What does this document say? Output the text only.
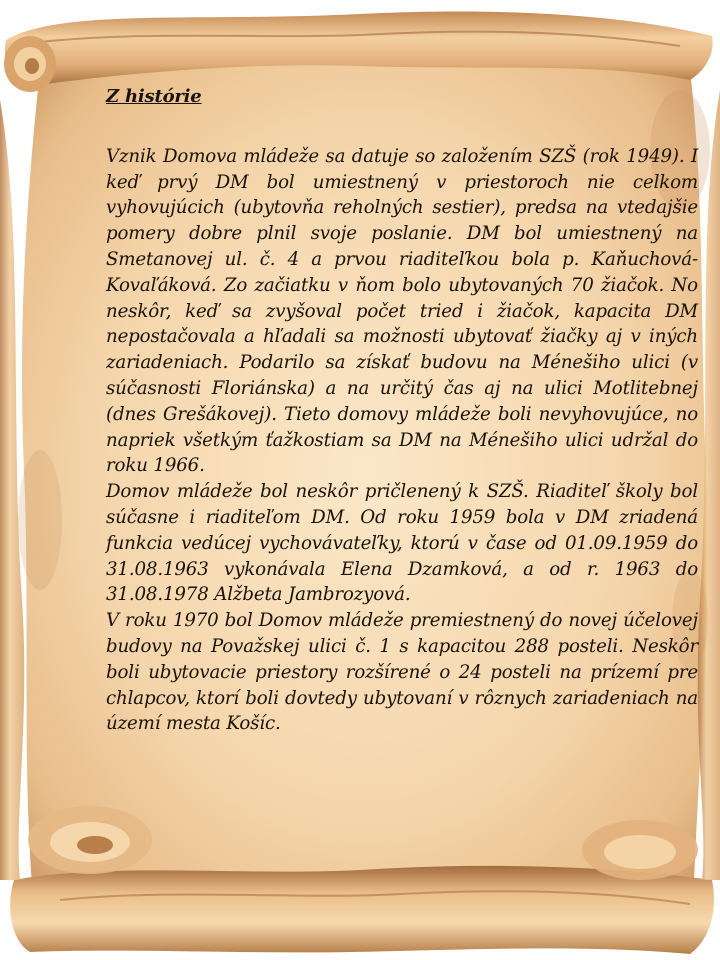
Z histórie

Vznik Domova mládeže sa datuje so založením SZŠ (rok 1949). I keď prvý DM bol umiestnený v priestoroch nie celkom vyhovujúcich (ubytovňa reholných sestier), predsa na vtedajšie pomery dobre plnil svoje poslanie. DM bol umiestnený na Smetanovej ul. č. 4 a prvou riaditeľkou bola p. Kaňuchová-Kovaľáková. Zo začiatku v ňom bolo ubytovaných 70 žiačok. No neskôr, keď sa zvyšoval počet tried i žiačok, kapacita DM nepostačovala a hľadali sa možnosti ubytovať žiačky aj v iných zariadeniach. Podarilo sa získať budovu na Ménešiho ulici (v súčasnosti Floriánska) a na určitý čas aj na ulici Motlitebnej (dnes Grešákovej). Tieto domovy mládeže boli nevyhovujúce, no napriek všetkým ťažkostiam sa DM na Ménešiho ulici udržal do roku 1966.

Domov mládeže bol neskôr pričlenený k SZŠ. Riaditeľ školy bol súčasne i riaditeľom DM. Od roku 1959 bola v DM zriadená funkcia vedúcej vychovávateľky, ktorú v čase od 01.09.1959 do 31.08.1963 vykonávala Elena Dzamková, a od r. 1963 do 31.08.1978 Alžbeta Jambrozyová.

V roku 1970 bol Domov mládeže premiestnený do novej účelovej budovy na Považskej ulici č. 1 s kapacitou 288 posteli. Neskôr boli ubytovacie priestory rozšírené o 24 posteli na prízemí pre chlapcov, ktorí boli dovtedy ubytovaní v rôznych zariadeniach na území mesta Košíc.
